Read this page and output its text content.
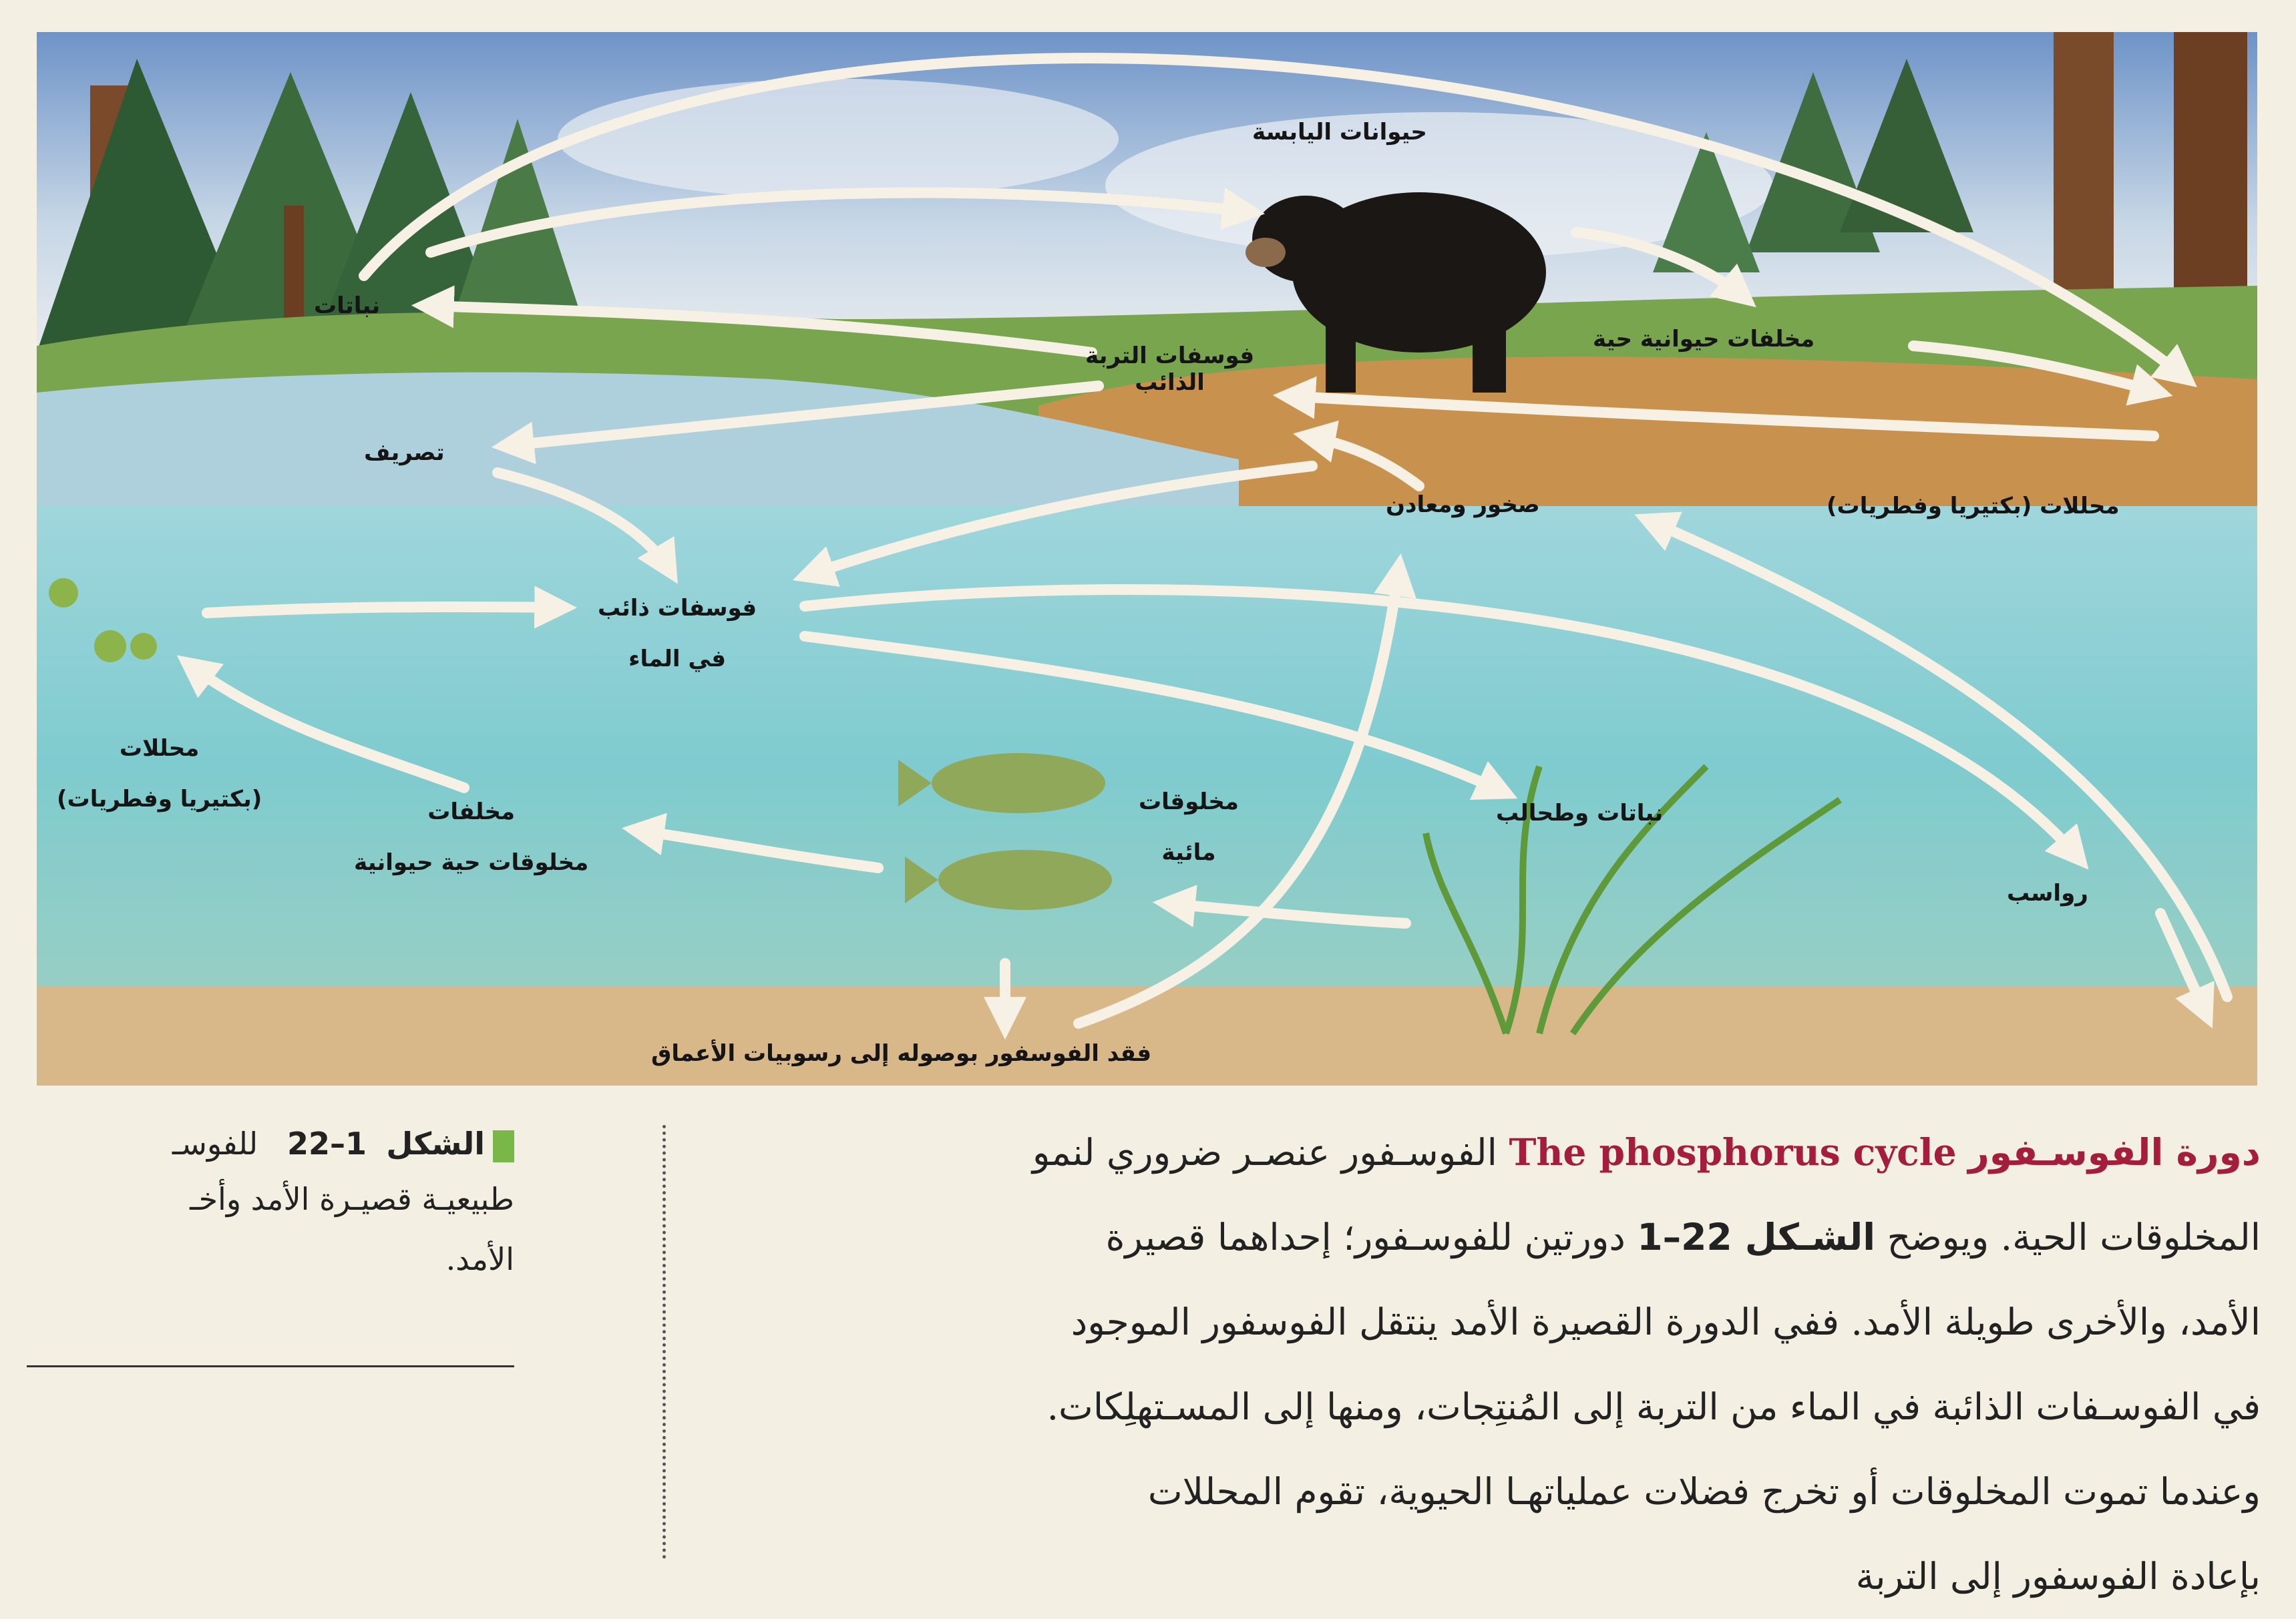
حيوانات اليابسة
نباتات
فوسفات التربة
الذائب
تصريف
مخلفات حيوانية حية
محللات (بكتيريا وفطريات)
صخور ومعادن
فوسفات ذائب
في الماء
محللات
(بكتيريا وفطريات)	مخلفات
مخلوقات حية حيوانية
مخلوقات
مائية
نباتات وطحالب
رواسب
فقد الفوسفور بوصوله إلى رسوبيات الأعماق
الشكل  22–1   للفوسـ
طبيعيـة قصيـرة الأمد وأخـ
الأمد.
دورة الفوسـفور The phosphorus cycle الفوسـفور عنصـر ضروري لنمو
المخلوقات الحية. ويوضح الشـكل 22–1 دورتين للفوسـفور؛ إحداهما قصيرة
الأمد، والأخرى طويلة الأمد. ففي الدورة القصيرة الأمد ينتقل الفوسفور الموجود
في الفوسـفات الذائبة في الماء من التربة إلى المُنتِجات، ومنها إلى المسـتهلِكات.
وعندما تموت المخلوقات أو تخرج فضلات عملياتهـا الحيوية، تقوم المحللات
بإعادة الفوسفور إلى التربة
